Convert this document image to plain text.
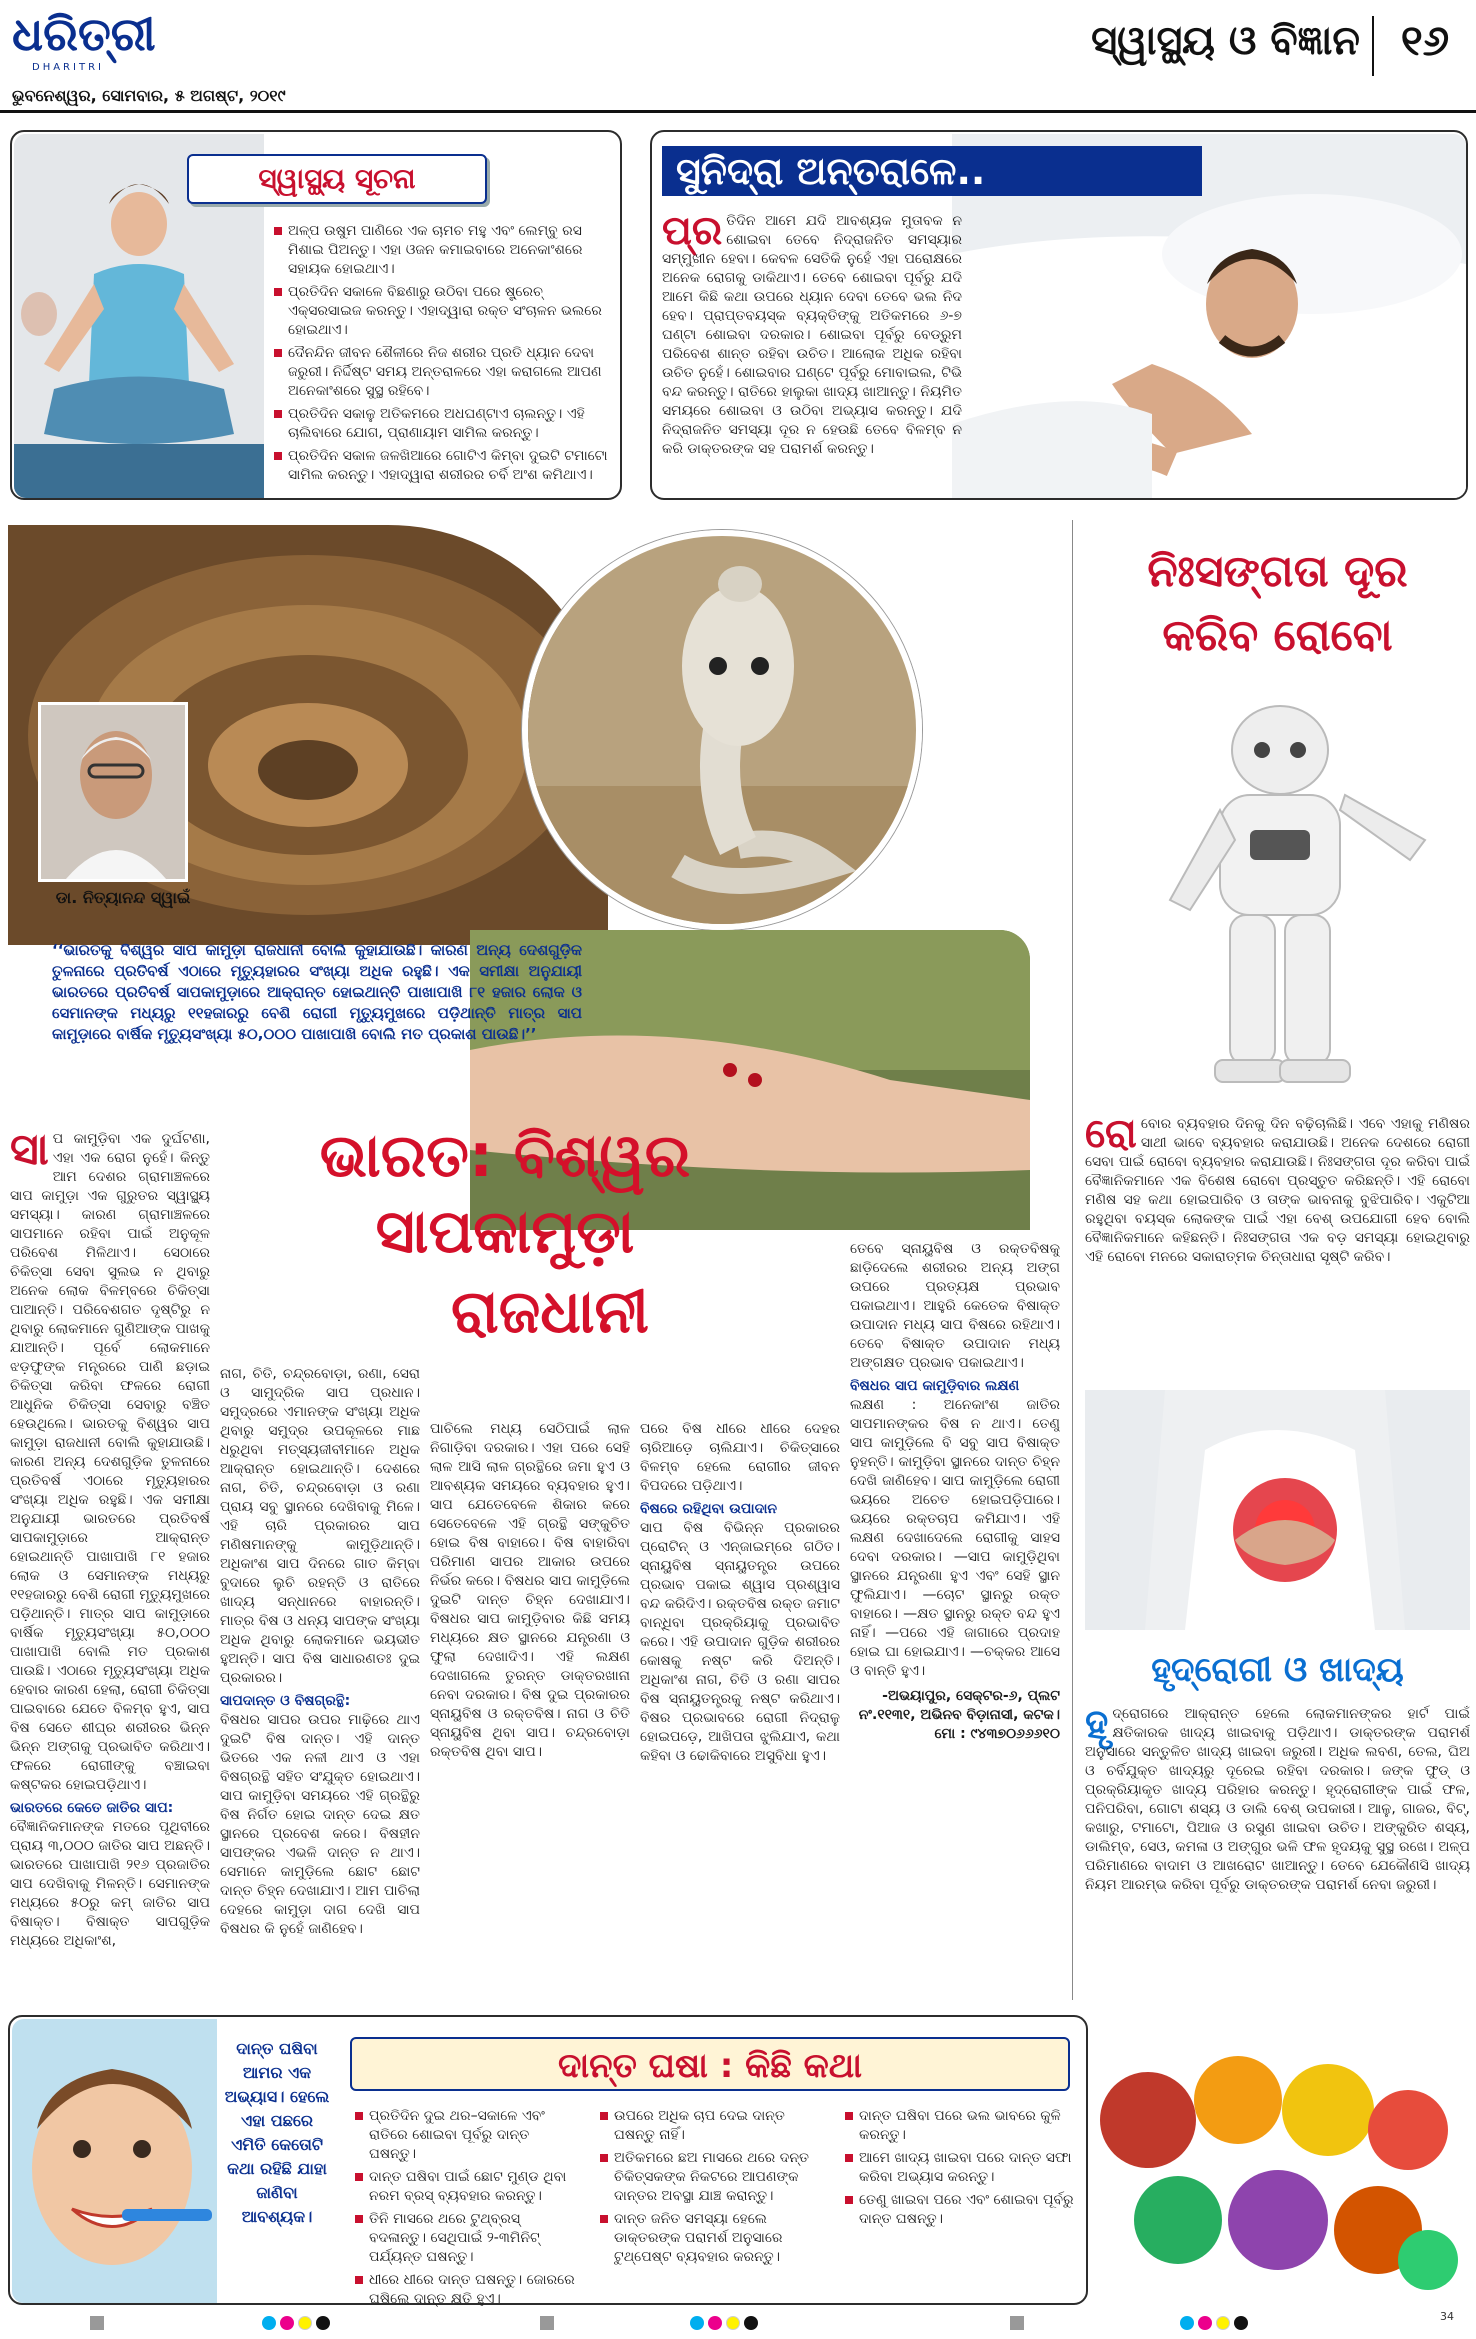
ଧରିତ୍ରୀ
DHARITRI
ଭୁବନେଶ୍ୱର, ସୋମବାର, ୫ ଅଗଷ୍ଟ, ୨୦୧୯
ସ୍ୱାସ୍ଥ୍ୟ ଓ ବିଜ୍ଞାନ ୧୬
ସ୍ୱାସ୍ଥ୍ୟ ସୂଚନା
ଅଳ୍ପ ଉଷୁମ ପାଣିରେ ଏକ ଚାମଚ ମହୁ ଏବଂ ଲେମ୍ବୁ ରସ ମିଶାଇ ପିଅନ୍ତୁ। ଏହା ଓଜନ କମାଇବାରେ ଅନେକାଂଶରେ ସହାୟକ ହୋଇଥାଏ।
ପ୍ରତିଦିନ ସକାଳେ ବିଛଣାରୁ ଉଠିବା ପରେ ଷ୍ଟ୍ରେଚ୍ ଏକ୍ସରସାଇଜ କରନ୍ତୁ। ଏହାଦ୍ୱାରା ରକ୍ତ ସଂଚାଳନ ଭଲରେ ହୋଇଥାଏ।
ଦୈନନ୍ଦିନ ଜୀବନ ଶୈଳୀରେ ନିଜ ଶରୀର ପ୍ରତି ଧ୍ୟାନ ଦେବା ଜରୁରୀ। ନିର୍ଦ୍ଦିଷ୍ଟ ସମୟ ଅନ୍ତରାଳରେ ଏହା କରାଗଲେ ଆପଣ ଅନେକାଂଶରେ ସୁସ୍ଥ ରହିବେ।
ପ୍ରତିଦିନ ସକାଳୁ ଅତିକମରେ ଅଧଘଣ୍ଟାଏ ଚାଲନ୍ତୁ। ଏହି ଚାଲିବାରେ ଯୋଗ, ପ୍ରାଣାୟାମ ସାମିଲ କରନ୍ତୁ।
ପ୍ରତିଦିନ ସକାଳ ଜଳଖିଆରେ ଗୋଟିଏ କିମ୍ବା ଦୁଇଟି ଟମାଟୋ ସାମିଲ କରନ୍ତୁ। ଏହାଦ୍ୱାରା ଶରୀରର ଚର୍ବି ଅଂଶ କମିଥାଏ।
ସୁନିଦ୍ରା ଅନ୍ତରାଳେ..
ପ୍ର ତିଦିନ ଆମେ ଯଦି ଆବଶ୍ୟକ ମୁତାବକ ନ ଶୋଇବା ତେବେ ନିଦ୍ରାଜନିତ ସମସ୍ୟାର ସମ୍ମୁଖୀନ ହେବା। କେବଳ ସେତିକି ନୁହେଁ ଏହା ପରୋକ୍ଷରେ ଅନେକ ରୋଗକୁ ଡାକିଥାଏ। ତେବେ ଶୋଇବା ପୂର୍ବରୁ ଯଦି ଆମେ କିଛି କଥା ଉପରେ ଧ୍ୟାନ ଦେବା ତେବେ ଭଲ ନିଦ ହେବ। ପ୍ରାପ୍ତବୟସ୍କ ବ୍ୟକ୍ତିଙ୍କୁ ଅତିକମରେ ୬-୭ ଘଣ୍ଟା ଶୋଇବା ଦରକାର। ଶୋଇବା ପୂର୍ବରୁ ବେଡ୍‌ରୁମ ପରିବେଶ ଶାନ୍ତ ରହିବା ଉଚିତ। ଆଲୋକ ଅଧିକ ରହିବା ଉଚିତ ନୁହେଁ। ଶୋଇବାର ଘଣ୍ଟେ ପୂର୍ବରୁ ମୋବାଇଲ, ଟିଭି ବନ୍ଦ କରନ୍ତୁ। ରାତିରେ ହାଲୁକା ଖାଦ୍ୟ ଖାଆନ୍ତୁ। ନିୟମିତ ସମୟରେ ଶୋଇବା ଓ ଉଠିବା ଅଭ୍ୟାସ କରନ୍ତୁ। ଯଦି ନିଦ୍ରାଜନିତ ସମସ୍ୟା ଦୂର ନ ହେଉଛି ତେବେ ବିଳମ୍ବ ନ କରି ଡାକ୍ତରଙ୍କ ସହ ପରାମର୍ଶ କରନ୍ତୁ।
ଡା. ନିତ୍ୟାନନ୍ଦ ସ୍ୱାଇଁ
‘‘ଭାରତକୁ ବିଶ୍ୱର ସାପ କାମୁଡ଼ା ରାଜଧାନୀ ବୋଲି କୁହାଯାଉଛି। କାରଣ ଅନ୍ୟ ଦେଶଗୁଡ଼ିକ ତୁଳନାରେ ପ୍ରତିବର୍ଷ ଏଠାରେ ମୃତ୍ୟୁହାରର ସଂଖ୍ୟା ଅଧିକ ରହୁଛି। ଏକ ସମୀକ୍ଷା ଅନୁଯାୟୀ ଭାରତରେ ପ୍ରତିବର୍ଷ ସାପକାମୁଡ଼ାରେ ଆକ୍ରାନ୍ତ ହୋଇଥାନ୍ତି ପାଖାପାଖି ୮୧ ହଜାର ଲୋକ ଓ ସେମାନଙ୍କ ମଧ୍ୟରୁ ୧୧ହଜାରରୁ ବେଶି ରୋଗୀ ମୃତ୍ୟୁମୁଖରେ ପଡ଼ିଥାନ୍ତି ମାତ୍ର ସାପ କାମୁଡ଼ାରେ ବାର୍ଷିକ ମୃତ୍ୟୁସଂଖ୍ୟା ୫୦,୦୦୦ ପାଖାପାଖି ବୋଲି ମତ ପ୍ରକାଶ ପାଉଛି।’’
ଭାରତ: ବିଶ୍ୱର
ସାପକାମୁଡ଼ା
ରାଜଧାନୀ
ସା ପ କାମୁଡ଼ିବା ଏକ ଦୁର୍ଘଟଣା, ଏହା ଏକ ରୋଗ ନୁହେଁ। କିନ୍ତୁ ଆମ ଦେଶର ଗ୍ରାମାଞ୍ଚଳରେ ସାପ କାମୁଡ଼ା ଏକ ଗୁରୁତର ସ୍ୱାସ୍ଥ୍ୟ ସମସ୍ୟା। କାରଣ ଗ୍ରାମାଞ୍ଚଳରେ ସାପମାନେ ରହିବା ପାଇଁ ଅନୁକୂଳ ପରିବେଶ ମିଳିଥାଏ। ସେଠାରେ ଚିକିତ୍ସା ସେବା ସୁଲଭ ନ ଥିବାରୁ ଅନେକ ଲୋକ ବିଳମ୍ବରେ ଚିକିତ୍ସା ପାଆନ୍ତି। ପରିବେଶଗତ ଦୃଷ୍ଟିରୁ ନ ଥିବାରୁ ଲୋକମାନେ ଗୁଣିଆଙ୍କ ପାଖକୁ ଯାଆନ୍ତି। ପୂର୍ବେ ଲୋକମାନେ ଝଡ଼ଫୁଙ୍କ ମନ୍ତ୍ରରେ ପାଣି ଛଡ଼ାଇ ଚିକିତ୍ସା କରିବା ଫଳରେ ରୋଗୀ ଆଧୁନିକ ଚିକିତ୍ସା ସେବାରୁ ବଞ୍ଚିତ ହେଉଥିଲେ। ଭାରତକୁ ବିଶ୍ୱର ସାପ କାମୁଡ଼ା ରାଜଧାନୀ ବୋଲି କୁହାଯାଉଛି। କାରଣ ଅନ୍ୟ ଦେଶଗୁଡ଼ିକ ତୁଳନାରେ ପ୍ରତିବର୍ଷ ଏଠାରେ ମୃତ୍ୟୁହାରର ସଂଖ୍ୟା ଅଧିକ ରହୁଛି। ଏକ ସମୀକ୍ଷା ଅନୁଯାୟୀ ଭାରତରେ ପ୍ରତିବର୍ଷ ସାପକାମୁଡ଼ାରେ ଆକ୍ରାନ୍ତ ହୋଇଥାନ୍ତି ପାଖାପାଖି ୮୧ ହଜାର ଲୋକ ଓ ସେମାନଙ୍କ ମଧ୍ୟରୁ ୧୧ହଜାରରୁ ବେଶି ରୋଗୀ ମୃତ୍ୟୁମୁଖରେ ପଡ଼ିଥାନ୍ତି। ମାତ୍ର ସାପ କାମୁଡ଼ାରେ ବାର୍ଷିକ ମୃତ୍ୟୁସଂଖ୍ୟା ୫୦,୦୦୦ ପାଖାପାଖି ବୋଲି ମତ ପ୍ରକାଶ ପାଉଛି। ଏଠାରେ ମୃତ୍ୟୁସଂଖ୍ୟା ଅଧିକ ହେବାର କାରଣ ହେଲା, ରୋଗୀ ଚିକିତ୍ସା ପାଇବାରେ ଯେତେ ବିଳମ୍ବ ହୁଏ, ସାପ ବିଷ ସେତେ ଶୀଘ୍ର ଶରୀରର ଭିନ୍ନ ଭିନ୍ନ ଅଙ୍ଗକୁ ପ୍ରଭାବିତ କରିଥାଏ। ଫଳରେ ରୋଗୀଙ୍କୁ ବଞ୍ଚାଇବା କଷ୍ଟକର ହୋଇପଡ଼ିଥାଏ।
ଭାରତରେ କେତେ ଜାତିର ସାପ:
ବୈଜ୍ଞାନିକମାନଙ୍କ ମତରେ ପୃଥିବୀରେ ପ୍ରାୟ ୩,୦୦୦ ଜାତିର ସାପ ଅଛନ୍ତି। ଭାରତରେ ପାଖାପାଖି ୨୧୬ ପ୍ରଜାତିର ସାପ ଦେଖିବାକୁ ମିଳନ୍ତି। ସେମାନଙ୍କ ମଧ୍ୟରେ ୫୦ରୁ କମ୍ ଜାତିର ସାପ ବିଷାକ୍ତ। ବିଷାକ୍ତ ସାପଗୁଡ଼ିକ ମଧ୍ୟରେ ଅଧିକାଂଶ,
ନାଗ, ଚିତି, ଚନ୍ଦ୍ରବୋଡ଼ା, ରଣା, ସେରା ଓ ସାମୁଦ୍ରିକ ସାପ ପ୍ରଧାନ। ସମୁଦ୍ରରେ ଏମାନଙ୍କ ସଂଖ୍ୟା ଅଧିକ ଥିବାରୁ ସମୁଦ୍ର ଉପକୂଳରେ ମାଛ ଧରୁଥିବା ମତ୍ସ୍ୟଜୀବୀମାନେ ଅଧିକ ଆକ୍ରାନ୍ତ ହୋଇଥାନ୍ତି। ଦେଶରେ ନାଗ, ଚିତି, ଚନ୍ଦ୍ରବୋଡ଼ା ଓ ରଣା ପ୍ରାୟ ସବୁ ସ୍ଥାନରେ ଦେଖିବାକୁ ମିଳେ। ଏହି ଚାରି ପ୍ରକାରର ସାପ ମଣିଷମାନଙ୍କୁ କାମୁଡ଼ିଥାନ୍ତି। ଅଧିକାଂଶ ସାପ ଦିନରେ ଗାତ କିମ୍ବା ବୁଦାରେ ଲୁଚି ରହନ୍ତି ଓ ରାତିରେ ଖାଦ୍ୟ ସନ୍ଧାନରେ ବାହାରନ୍ତି। ମାତ୍ର ବିଷ ଓ ଧନ୍ୟ ସାପଙ୍କ ସଂଖ୍ୟା ଅଧିକ ଥିବାରୁ ଲୋକମାନେ ଭୟଭୀତ ହୁଅନ୍ତି। ସାପ ବିଷ ସାଧାରଣତଃ ଦୁଇ ପ୍ରକାରର।
ସାପଦାନ୍ତ ଓ ବିଷଗ୍ରନ୍ଥି:
ବିଷଧର ସାପର ଉପର ମାଢ଼ିରେ ଥାଏ ଦୁଇଟି ବିଷ ଦାନ୍ତ। ଏହି ଦାନ୍ତ ଭିତରେ ଏକ ନଳୀ ଥାଏ ଓ ଏହା ବିଷଗ୍ରନ୍ଥି ସହିତ ସଂଯୁକ୍ତ ହୋଇଥାଏ। ସାପ କାମୁଡ଼ିବା ସମୟରେ ଏହି ଗ୍ରନ୍ଥିରୁ ବିଷ ନିର୍ଗତ ହୋଇ ଦାନ୍ତ ଦେଇ କ୍ଷତ ସ୍ଥାନରେ ପ୍ରବେଶ କରେ। ବିଷହୀନ ସାପଙ୍କର ଏଭଳି ଦାନ୍ତ ନ ଥାଏ। ସେମାନେ କାମୁଡ଼ିଲେ ଛୋଟ ଛୋଟ ଦାନ୍ତ ଚିହ୍ନ ଦେଖାଯାଏ। ଆମ ପାଚିଲା ଦେହରେ କାମୁଡ଼ା ଦାଗ ଦେଖି ସାପ ବିଷଧର କି ନୁହେଁ ଜାଣିହେବ।
ପାଚିଲେ ମଧ୍ୟ ସେଠିପାଇଁ ଲାଳ ନିଗାଡ଼ିବା ଦରକାର। ଏହା ପରେ ସେହି ଲାଳ ଆସି ଲାଳ ଗ୍ରନ୍ଥିରେ ଜମା ହୁଏ ଓ ଆବଶ୍ୟକ ସମୟରେ ବ୍ୟବହାର ହୁଏ। ସାପ ଯେତେବେଳେ ଶିକାର କରେ ସେତେବେଳେ ଏହି ଗ୍ରନ୍ଥି ସଙ୍କୁଚିତ ହୋଇ ବିଷ ବାହାରେ। ବିଷ ବାହାରିବା ପରିମାଣ ସାପର ଆକାର ଉପରେ ନିର୍ଭର କରେ। ବିଷଧର ସାପ କାମୁଡ଼ିଲେ ଦୁଇଟି ଦାନ୍ତ ଚିହ୍ନ ଦେଖାଯାଏ। ବିଷଧର ସାପ କାମୁଡ଼ିବାର କିଛି ସମୟ ମଧ୍ୟରେ କ୍ଷତ ସ୍ଥାନରେ ଯନ୍ତ୍ରଣା ଓ ଫୁଲା ଦେଖାଦିଏ। ଏହି ଲକ୍ଷଣ ଦେଖାଗଲେ ତୁରନ୍ତ ଡାକ୍ତରଖାନା ନେବା ଦରକାର। ବିଷ ଦୁଇ ପ୍ରକାରର ସ୍ନାୟୁବିଷ ଓ ରକ୍ତବିଷ। ନାଗ ଓ ଚିତି ସ୍ନାୟୁବିଷ ଥିବା ସାପ। ଚନ୍ଦ୍ରବୋଡ଼ା ରକ୍ତବିଷ ଥିବା ସାପ।
ପରେ ବିଷ ଧୀରେ ଧୀରେ ଦେହର ଚାରିଆଡ଼େ ଚାଲିଯାଏ। ଚିକିତ୍ସାରେ ବିଳମ୍ବ ହେଲେ ରୋଗୀର ଜୀବନ ବିପଦରେ ପଡ଼ିଥାଏ।
ବିଷରେ ରହିଥିବା ଉପାଦାନ
ସାପ ବିଷ ବିଭିନ୍ନ ପ୍ରକାରର ପ୍ରୋଟିନ୍ ଓ ଏନ୍‌ଜାଇମ୍‌ରେ ଗଠିତ। ସ୍ନାୟୁବିଷ ସ୍ନାୟୁତନ୍ତ୍ର ଉପରେ ପ୍ରଭାବ ପକାଇ ଶ୍ୱାସ ପ୍ରଶ୍ୱାସ ବନ୍ଦ କରିଦିଏ। ରକ୍ତବିଷ ରକ୍ତ ଜମାଟ ବାନ୍ଧିବା ପ୍ରକ୍ରିୟାକୁ ପ୍ରଭାବିତ କରେ। ଏହି ଉପାଦାନ ଗୁଡ଼ିକ ଶରୀରର କୋଷକୁ ନଷ୍ଟ କରି ଦିଅନ୍ତି। ଅଧିକାଂଶ ନାଗ, ଚିତି ଓ ରଣା ସାପର ବିଷ ସ୍ନାୟୁତନ୍ତ୍ରକୁ ନଷ୍ଟ କରିଥାଏ। ବିଷର ପ୍ରଭାବରେ ରୋଗୀ ନିଦ୍ରାଳୁ ହୋଇପଡ଼େ, ଆଖିପତା ଝୁଲିଯାଏ, କଥା କହିବା ଓ ଢୋକିବାରେ ଅସୁବିଧା ହୁଏ।
ତେବେ ସ୍ନାୟୁବିଷ ଓ ରକ୍ତବିଷକୁ ଛାଡ଼ିଦେଲେ ଶରୀରର ଅନ୍ୟ ଅଙ୍ଗ ଉପରେ ପ୍ରତ୍ୟକ୍ଷ ପ୍ରଭାବ ପକାଇଥାଏ। ଆହୁରି କେତେକ ବିଷାକ୍ତ ଉପାଦାନ ମଧ୍ୟ ସାପ ବିଷରେ ରହିଥାଏ। ତେବେ ବିଷାକ୍ତ ଉପାଦାନ ମଧ୍ୟ ଅଙ୍ଗକ୍ଷତ ପ୍ରଭାବ ପକାଇଥାଏ।
ବିଷଧର ସାପ କାମୁଡ଼ିବାର ଲକ୍ଷଣ
ଲକ୍ଷଣ : ଅନେକାଂଶ ଜାତିର ସାପମାନଙ୍କର ବିଷ ନ ଥାଏ। ତେଣୁ ସାପ କାମୁଡ଼ିଲେ ବି ସବୁ ସାପ ବିଷାକ୍ତ ନୁହନ୍ତି। କାମୁଡ଼ିବା ସ୍ଥାନରେ ଦାନ୍ତ ଚିହ୍ନ ଦେଖି ଜାଣିହେବ। ସାପ କାମୁଡ଼ିଲେ ରୋଗୀ ଭୟରେ ଅଚେତ ହୋଇପଡ଼ିପାରେ। ଭୟରେ ରକ୍ତଚାପ କମିଯାଏ। ଏହି ଲକ୍ଷଣ ଦେଖାଦେଲେ ରୋଗୀକୁ ସାହସ ଦେବା ଦରକାର। —ସାପ କାମୁଡ଼ିଥିବା ସ୍ଥାନରେ ଯନ୍ତ୍ରଣା ହୁଏ ଏବଂ ସେହି ସ୍ଥାନ ଫୁଲିଯାଏ। —ଚୋଟ ସ୍ଥାନରୁ ରକ୍ତ ବାହାରେ। —କ୍ଷତ ସ୍ଥାନରୁ ରକ୍ତ ବନ୍ଦ ହୁଏ ନାହିଁ। —ପରେ ଏହି ଜାଗାରେ ପ୍ରଦାହ ହୋଇ ଘା ହୋଇଯାଏ। —ଚକ୍କର ଆସେ ଓ ବାନ୍ତି ହୁଏ।
-ଅଭୟାପୁର, ସେକ୍ଟର-୬, ପ୍ଲଟ ନଂ.୧୧୩୧, ଅଭିନବ ବିଡ଼ାନାସୀ, କଟକ। ମୋ : ୯୪୩୭୦୬୬୬୧୦
ନିଃସଙ୍ଗତା ଦୂର
କରିବ ରୋବୋ
ରୋ ବୋର ବ୍ୟବହାର ଦିନକୁ ଦିନ ବଢ଼ିଚାଲିଛି। ଏବେ ଏହାକୁ ମଣିଷର ସାଥୀ ଭାବେ ବ୍ୟବହାର କରାଯାଉଛି। ଅନେକ ଦେଶରେ ରୋଗୀ ସେବା ପାଇଁ ରୋବୋ ବ୍ୟବହାର କରାଯାଉଛି। ନିଃସଙ୍ଗତା ଦୂର କରିବା ପାଇଁ ବୈଜ୍ଞାନିକମାନେ ଏକ ବିଶେଷ ରୋବୋ ପ୍ରସ୍ତୁତ କରିଛନ୍ତି। ଏହି ରୋବୋ ମଣିଷ ସହ କଥା ହୋଇପାରିବ ଓ ତାଙ୍କ ଭାବନାକୁ ବୁଝିପାରିବ। ଏକୁଟିଆ ରହୁଥିବା ବୟସ୍କ ଲୋକଙ୍କ ପାଇଁ ଏହା ବେଶ୍ ଉପଯୋଗୀ ହେବ ବୋଲି ବୈଜ୍ଞାନିକମାନେ କହିଛନ୍ତି। ନିଃସଙ୍ଗତା ଏକ ବଡ଼ ସମସ୍ୟା ହୋଇଥିବାରୁ ଏହି ରୋବୋ ମନରେ ସକାରାତ୍ମକ ଚିନ୍ତାଧାରା ସୃଷ୍ଟି କରିବ।
ହୃଦ୍‌ରୋଗୀ ଓ ଖାଦ୍ୟ
ହୃ ଦ୍‌ରୋଗରେ ଆକ୍ରାନ୍ତ ହେଲେ ଲୋକମାନଙ୍କର ହାର୍ଟ ପାଇଁ କ୍ଷତିକାରକ ଖାଦ୍ୟ ଖାଇବାକୁ ପଡ଼ିଥାଏ। ଡାକ୍ତରଙ୍କ ପରାମର୍ଶ ଅନୁସାରେ ସନ୍ତୁଳିତ ଖାଦ୍ୟ ଖାଇବା ଜରୁରୀ। ଅଧିକ ଲବଣ, ତେଲ, ଘିଅ ଓ ଚର୍ବିଯୁକ୍ତ ଖାଦ୍ୟରୁ ଦୂରେଇ ରହିବା ଦରକାର। ଜଙ୍କ ଫୁଡ୍ ଓ ପ୍ରକ୍ରିୟାକୃତ ଖାଦ୍ୟ ପରିହାର କରନ୍ତୁ। ହୃଦ୍‌ରୋଗୀଙ୍କ ପାଇଁ ଫଳ, ପନିପରିବା, ଗୋଟା ଶସ୍ୟ ଓ ଡାଲି ବେଶ୍ ଉପକାରୀ। ଆଳୁ, ଗାଜର, ବିଟ୍, କଖାରୁ, ଟମାଟୋ, ପିଆଜ ଓ ରସୁଣ ଖାଇବା ଉଚିତ। ଅଙ୍କୁରିତ ଶସ୍ୟ, ଡାଲିମ୍ବ, ସେଓ, କମଳା ଓ ଅଙ୍ଗୁର ଭଳି ଫଳ ହୃଦୟକୁ ସୁସ୍ଥ ରଖେ। ଅଳ୍ପ ପରିମାଣରେ ବାଦାମ ଓ ଆଖରୋଟ ଖାଆନ୍ତୁ। ତେବେ ଯେକୌଣସି ଖାଦ୍ୟ ନିୟମ ଆରମ୍ଭ କରିବା ପୂର୍ବରୁ ଡାକ୍ତରଙ୍କ ପରାମର୍ଶ ନେବା ଜରୁରୀ।
ଦାନ୍ତ ଘଷିବା ଆମର ଏକ ଅଭ୍ୟାସ। ହେଲେ ଏହା ପଛରେ ଏମିତି କେତୋଟି କଥା ରହିଛି ଯାହା ଜାଣିବା ଆବଶ୍ୟକ।
ଦାନ୍ତ ଘଷା : କିଛି କଥା
ପ୍ରତିଦିନ ଦୁଇ ଥର–ସକାଳେ ଏବଂ ରାତିରେ ଶୋଇବା ପୂର୍ବରୁ ଦାନ୍ତ ଘଷନ୍ତୁ।
ଦାନ୍ତ ଘଷିବା ପାଇଁ ଛୋଟ ମୁଣ୍ଡ ଥିବା ନରମ ବ୍ରସ୍ ବ୍ୟବହାର କରନ୍ତୁ।
ତିନି ମାସରେ ଥରେ ଟୁଥ୍‌ବ୍ରସ୍ ବଦଳାନ୍ତୁ। ସେଥିପାଇଁ ୨-୩ମିନିଟ୍ ପର୍ଯ୍ୟନ୍ତ ଘଷନ୍ତୁ।
ଧୀରେ ଧୀରେ ଦାନ୍ତ ଘଷନ୍ତୁ। ଜୋରରେ ଘଷିଲେ ଦାନ୍ତ କ୍ଷତି ହୁଏ।
ଉପରେ ଅଧିକ ଚାପ ଦେଇ ଦାନ୍ତ ଘଷନ୍ତୁ ନାହିଁ।
ଅତିକମରେ ଛଅ ମାସରେ ଥରେ ଦନ୍ତ ଚିକିତ୍ସକଙ୍କ ନିକଟରେ ଆପଣଙ୍କ ଦାନ୍ତର ଅବସ୍ଥା ଯାଞ୍ଚ କରାନ୍ତୁ।
ଦାନ୍ତ ଜନିତ ସମସ୍ୟା ହେଲେ ଡାକ୍ତରଙ୍କ ପରାମର୍ଶ ଅନୁସାରେ ଟୁଥ୍‌ପେଷ୍ଟ ବ୍ୟବହାର କରନ୍ତୁ।
ଦାନ୍ତ ଘଷିବା ପରେ ଭଲ ଭାବରେ କୁଳି କରନ୍ତୁ।
ଆମେ ଖାଦ୍ୟ ଖାଇବା ପରେ ଦାନ୍ତ ସଫା କରିବା ଅଭ୍ୟାସ କରନ୍ତୁ।
ତେଣୁ ଖାଇବା ପରେ ଏବଂ ଶୋଇବା ପୂର୍ବରୁ ଦାନ୍ତ ଘଷନ୍ତୁ।
34
